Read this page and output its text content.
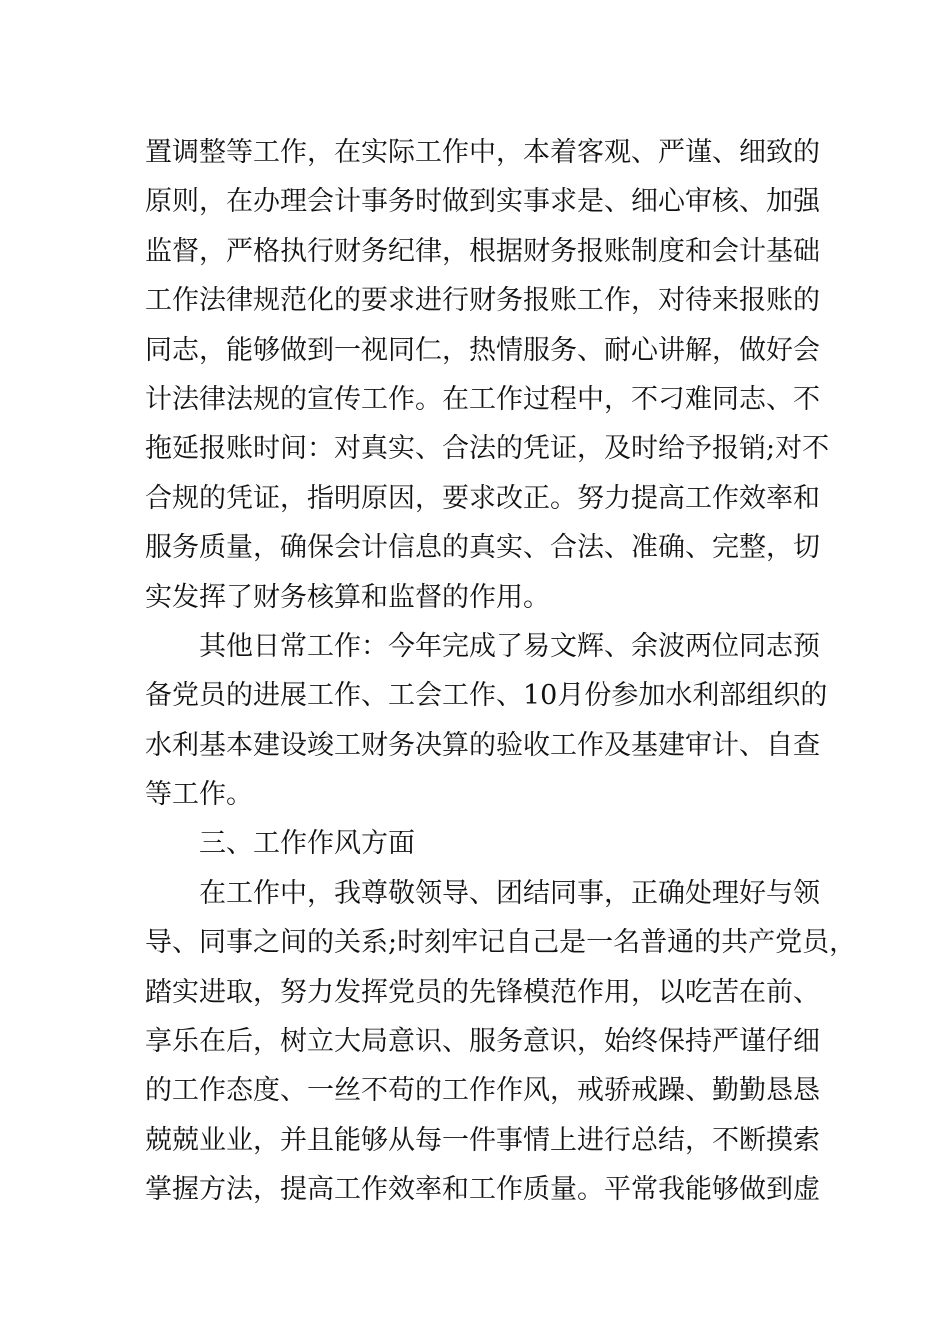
置调整等工作，在实际工作中，本着客观、严谨、细致的
原则，在办理会计事务时做到实事求是、细心审核、加强
监督，严格执行财务纪律，根据财务报账制度和会计基础
工作法律规范化的要求进行财务报账工作，对待来报账的
同志，能够做到一视同仁，热情服务、耐心讲解，做好会
计法律法规的宣传工作。在工作过程中，不刁难同志、不
拖延报账时间：对真实、合法的凭证，及时给予报销;对不
合规的凭证，指明原因，要求改正。努力提高工作效率和
服务质量，确保会计信息的真实、合法、准确、完整，切
实发挥了财务核算和监督的作用。
其他日常工作：今年完成了易文辉、余波两位同志预
备党员的进展工作、工会工作、10月份参加水利部组织的
水利基本建设竣工财务决算的验收工作及基建审计、自查
等工作。
三、工作作风方面
在工作中，我尊敬领导、团结同事，正确处理好与领
导、同事之间的关系;时刻牢记自己是一名普通的共产党员，
踏实进取，努力发挥党员的先锋模范作用，以吃苦在前、
享乐在后，树立大局意识、服务意识，始终保持严谨仔细
的工作态度、一丝不苟的工作作风，戒骄戒躁、勤勤恳恳
兢兢业业，并且能够从每一件事情上进行总结，不断摸索
掌握方法，提高工作效率和工作质量。平常我能够做到虚
